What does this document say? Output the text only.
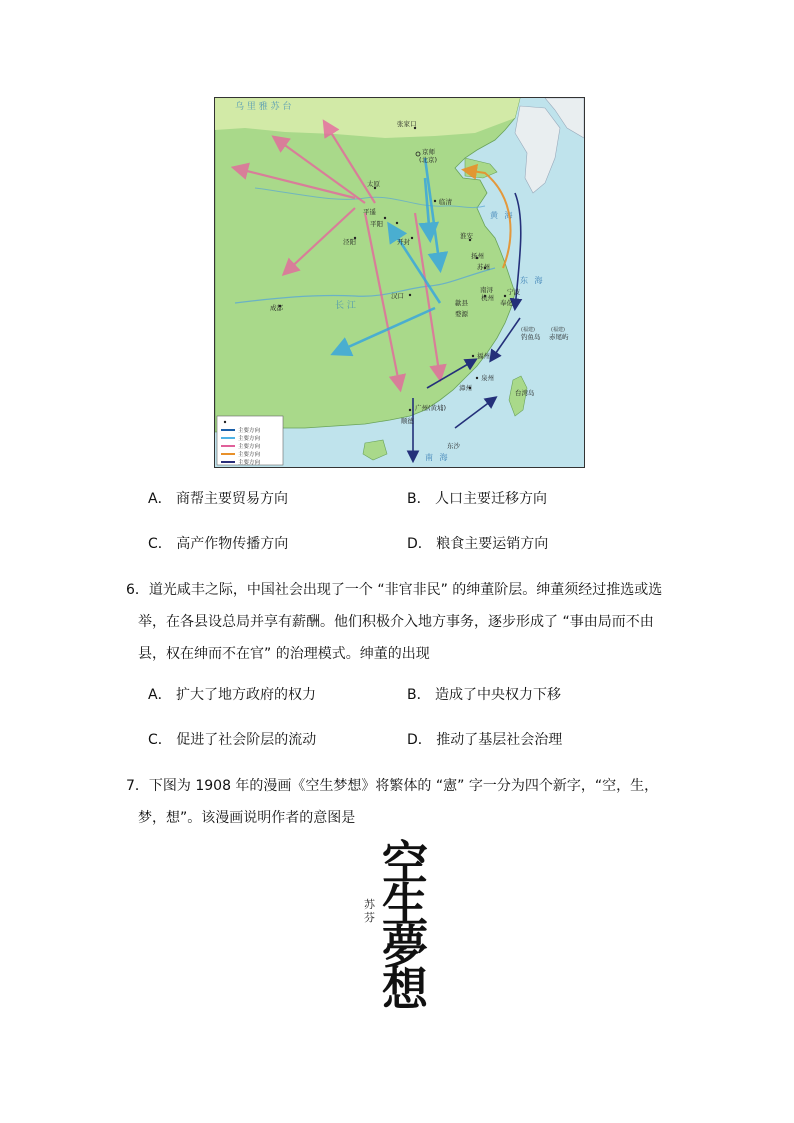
乌 里 雅 苏 台
长 江
东 海
黄 海
南 海
张家口
京师
(北京)
太原
临清
平遥
平阳
泾阳	开封
淮安
扬州
苏州
成都
汉口
南浔 宁波
杭州
歙县	奉化
婺源
福州
泉州
漳州
广州(黄埔)
顺德
东沙
台湾岛
(福建)
钓鱼岛
(福建)
赤尾屿
主要方向
主要方向
主要方向
主要方向
主要方向
A． 商帮主要贸易方向	B． 人口主要迁移方向
C． 高产作物传播方向	D． 粮食主要运销方向
6．道光咸丰之际，中国社会出现了一个 “非官非民” 的绅董阶层。绅董须经过推选或选
举，在各县设总局并享有薪酬。他们积极介入地方事务，逐步形成了 “事由局而不由
县，权在绅而不在官” 的治理模式。绅董的出现
A． 扩大了地方政府的权力	B． 造成了中央权力下移
C． 促进了社会阶层的流动	D． 推动了基层社会治理
7．下图为 1908 年的漫画《空生梦想》将繁体的 “憲” 字一分为四个新字，“空，生，
梦，想”。该漫画说明作者的意图是
苏芬
空
生
夢
想
